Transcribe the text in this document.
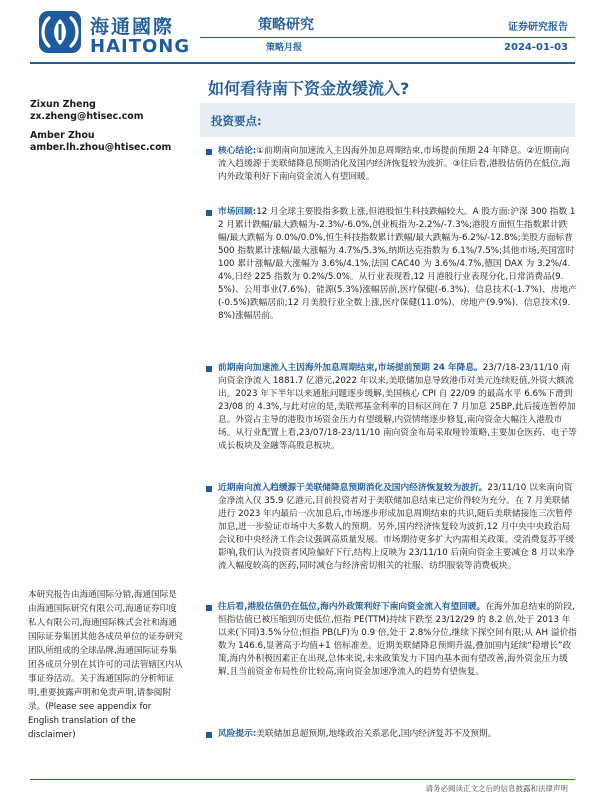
海通國際
HAITONG
策略研究
策略月报
证券研究报告
2024-01-03
如何看待南下资金放缓流入?
Zixun Zheng
zx.zheng@htisec.com
Amber Zhou
amber.lh.zhou@htisec.com
投资要点:
核心结论:①前期南向加速流入主因海外加息周期结束,市场提前预期 24 年降息。②近期南向流入趋缓源于美联储降息预期消化及国内经济恢复较为波折。③往后看,港股估值仍在低位,海内外政策利好下南向资金流入有望回暖。
市场回顾:12 月全球主要股指多数上涨,但港股恒生科技跌幅较大。A 股方面:沪深 300 指数 12 月累计跌幅/最大跌幅为-2.3%/-6.0%,创业板指为-2.2%/-7.3%;港股方面恒生指数累计跌幅/最大跌幅为 0.0%/0.0%,恒生科技指数累计跌幅/最大跌幅为-6.2%/-12.8%;美股方面标普 500 指数累计涨幅/最大涨幅为 4.7%/5.3%,纳斯达克指数为 6.1%/7.5%;其他市场,英国富时 100 累计涨幅/最大涨幅为 3.6%/4.1%,法国 CAC40 为 3.6%/4.7%,德国 DAX 为 3.2%/4.4%,日经 225 指数为 0.2%/5.0%。从行业表现看,12 月港股行业表现分化,日常消费品(9.5%)、公用事业(7.6%)、能源(5.3%)涨幅居前,医疗保健(-6.3%)、信息技术(-1.7%)、房地产(-0.5%)跌幅居前;12 月美股行业全数上涨,医疗保健(11.0%)、房地产(9.9%)、信息技术(9.8%)涨幅居前。
前期南向加速流入主因海外加息周期结束,市场提前预期 24 年降息。23/7/18-23/11/10 南向资金净流入 1881.7 亿港元,2022 年以来,美联储加息导致港币对美元连续贬值,外资大额流出。2023 年下半年以来通胀问题逐步缓解,美国核心 CPI 自 22/09 的最高水平 6.6%下滑到 23/08 的 4.3%,与此对应的是,美联邦基金利率的目标区间在 7 月加息 25BP,此后接连暂停加息。外资占主导的港股市场资金压力有望缓解,内资情绪逐步修复,南向资金大幅注入港股市场。从行业配置上看,23/07/18-23/11/10 南向资金布局采取哑铃策略,主要加仓医药、电子等成长板块及金融等高股息板块。
近期南向流入趋缓源于美联储降息预期消化及国内经济恢复较为波折。23/11/10 以来南向资金净流入仅 35.9 亿港元,目前投资者对于美联储加息结束已定价得较为充分。在 7 月美联储进行 2023 年内最后一次加息后,市场逐步形成加息周期结束的共识,随后美联储接连三次暂停加息,进一步验证市场中大多数人的预期。另外,国内经济恢复较为波折,12 月中央中央政治局会议和中央经济工作会议强调高质量发展。市场期待更多扩大内需相关政策。受消费复苏平缓影响,我们认为投资者风险偏好下行,结构上反映为 23/11/10 后南向资金主要减仓 8 月以来净流入幅度较高的医药,同时减仓与经济密切相关的社服、纺织服装等消费板块。
往后看,港股估值仍在低位,海内外政策利好下南向资金流入有望回暖。在海外加息结束的阶段,恒指估值已被压缩到历史低位,恒指 PE(TTM)持续下跌至 23/12/29 的 8.2 倍,处于 2013 年以来(下同)3.5%分位;恒指 PB(LF)为 0.9 倍,处于 2.8%分位,继续下探空间有限;从 AH 溢价指数为 146.6,显著高于均值+1 倍标准差。近期美联储降息预期升温,叠加国内延续“稳增长”政策,海内外积极因素正在出现,总体来说,未来政策发力下国内基本面有望改善,海外资金压力缓解,且当前资金布局性价比较高,南向资金加速净流入的趋势有望恢复。
风险提示:美联储加息超预期,地缘政治关系恶化,国内经济复苏不及预期。
本研究报告由海通国际分销,海通国际是由海通国际研究有限公司,海通证券印度私人有限公司,海通国际株式会社和海通国际证券集团其他各成员单位的证券研究团队所组成的全球品牌,海通国际证券集团各成员分别在其许可的司法管辖区内从事证券活动。关于海通国际的分析师证明,重要披露声明和免责声明,请参阅附录。(Please see appendix for English translation of the disclaimer)
请务必阅读正文之后的信息披露和法律声明
